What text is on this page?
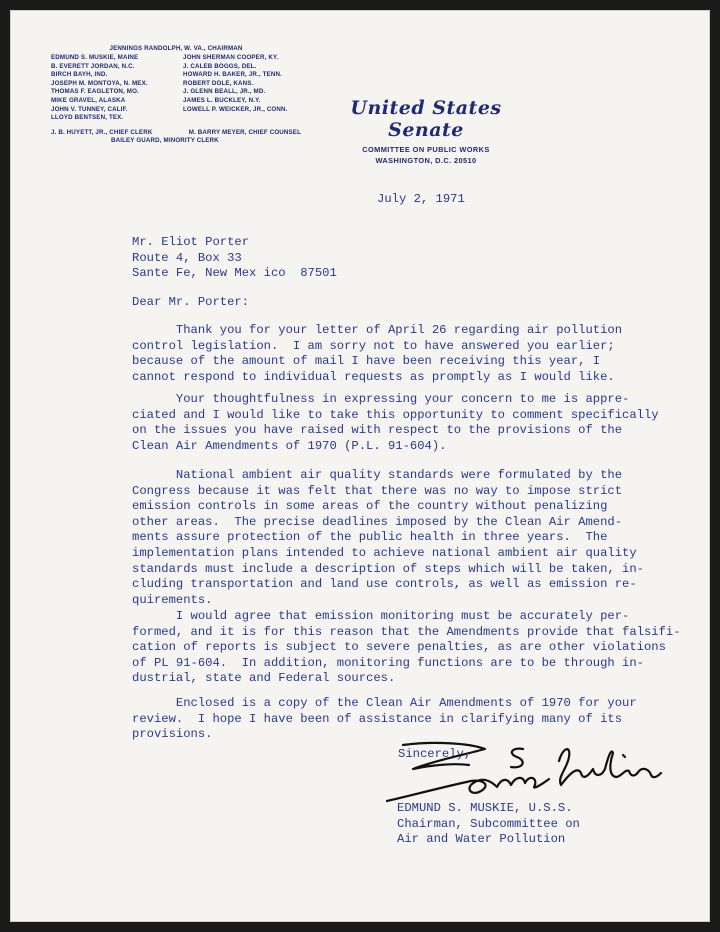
JENNINGS RANDOLPH, W. VA., CHAIRMAN
EDMUND S. MUSKIE, MAINE
B. EVERETT JORDAN, N.C.
BIRCH BAYH, IND.
JOSEPH M. MONTOYA, N. MEX.
THOMAS F. EAGLETON, MO.
MIKE GRAVEL, ALASKA
JOHN V. TUNNEY, CALIF.
LLOYD BENTSEN, TEX.
JOHN SHERMAN COOPER, KY.
J. CALEB BOGGS, DEL.
HOWARD H. BAKER, JR., TENN.
ROBERT DOLE, KANS.
J. GLENN BEALL, JR., MD.
JAMES L. BUCKLEY, N.Y.
LOWELL P. WEICKER, JR., CONN.
J. B. HUYETT, JR., CHIEF CLERK	M. BARRY MEYER, CHIEF COUNSEL
BAILEY GUARD, MINORITY CLERK
United States Senate
COMMITTEE ON PUBLIC WORKS
WASHINGTON, D.C. 20510
July 2, 1971
Mr. Eliot Porter
Route 4, Box 33
Sante Fe, New Mex ico  87501
Dear Mr. Porter:
Thank you for your letter of April 26 regarding air pollution
control legislation.  I am sorry not to have answered you earlier;
because of the amount of mail I have been receiving this year, I
cannot respond to individual requests as promptly as I would like.
Your thoughtfulness in expressing your concern to me is appre-
ciated and I would like to take this opportunity to comment specifically
on the issues you have raised with respect to the provisions of the
Clean Air Amendments of 1970 (P.L. 91-604).
National ambient air quality standards were formulated by the
Congress because it was felt that there was no way to impose strict
emission controls in some areas of the country without penalizing
other areas.  The precise deadlines imposed by the Clean Air Amend-
ments assure protection of the public health in three years.  The
implementation plans intended to achieve national ambient air quality
standards must include a description of steps which will be taken, in-
cluding transportation and land use controls, as well as emission re-
quirements.
I would agree that emission monitoring must be accurately per-
formed, and it is for this reason that the Amendments provide that falsifi-
cation of reports is subject to severe penalties, as are other violations
of PL 91-604.  In addition, monitoring functions are to be through in-
dustrial, state and Federal sources.
Enclosed is a copy of the Clean Air Amendments of 1970 for your
review.  I hope I have been of assistance in clarifying many of its
provisions.
Sincerely,
EDMUND S. MUSKIE, U.S.S.
Chairman, Subcommittee on
Air and Water Pollution
